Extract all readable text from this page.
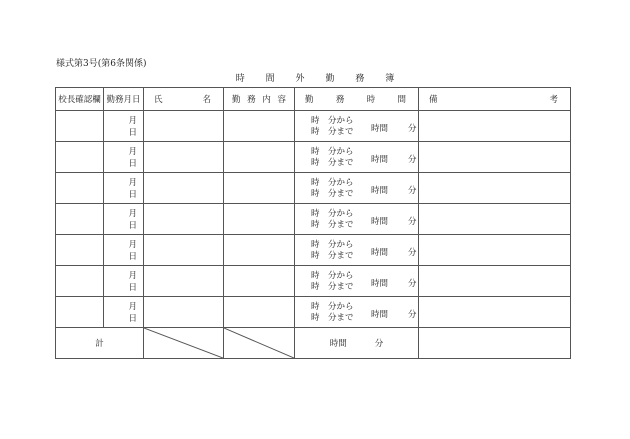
様式第3号(第6条関係)
時 間 外 勤 務 簿
校長確認欄	勤務月日	氏 名	勤 務 内 容	勤 務 時 間	備 考

	月日			時　分から
時　分まで 時間 分	

	月日			時　分から
時　分まで 時間 分	

	月日			時　分から
時　分まで 時間 分	

	月日			時　分から
時　分まで 時間 分	

	月日			時　分から
時　分まで 時間 分	

	月日			時　分から
時　分まで 時間 分	

	月日			時　分から
時　分まで 時間 分	

計				時間 分	
